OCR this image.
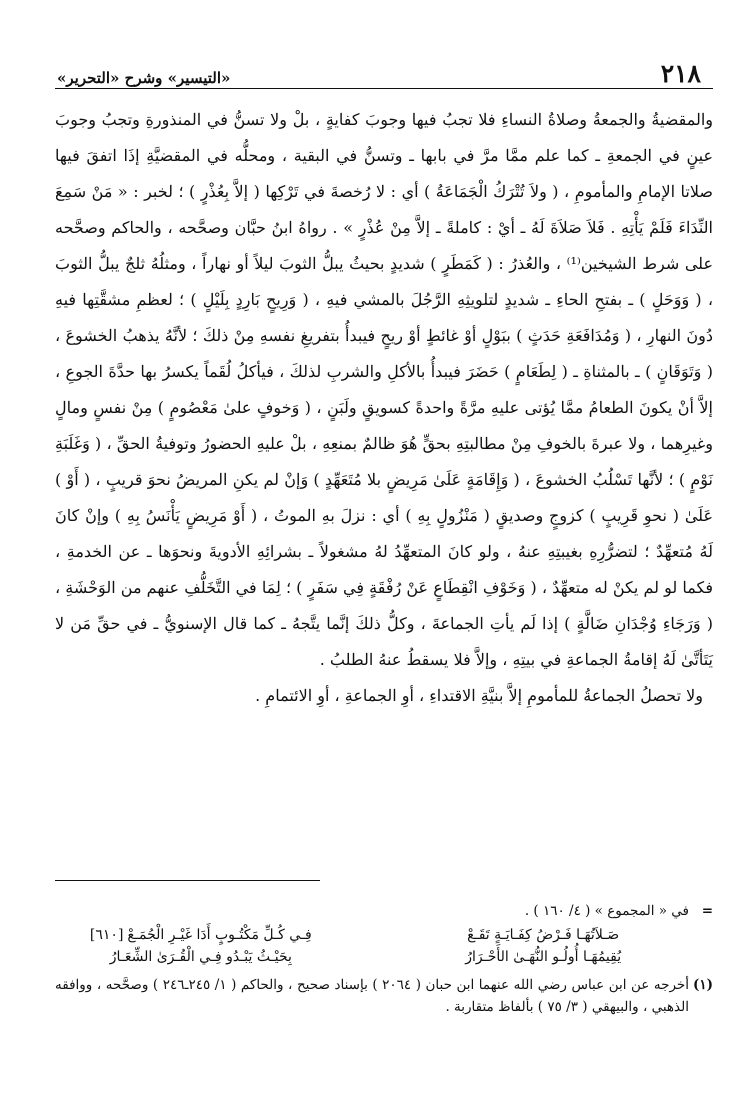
٢١٨
«التيسير» وشرح «التحرير»

والمقضيةُ والجمعةُ وصلاةُ النساءِ فلا تجبُ فيها وجوبَ كفايةٍ ، بلْ ولا تسنُّ في المنذورةِ وتجبُ وجوبَ عينٍ في الجمعةِ ـ كما علم ممَّا مرَّ في بابها ـ وتسنُّ في البقية ، ومحلُّه في المقضيَّةِ إذَا اتفقَ فيها صلاتا الإمامِ والمأمومِ ، ( ولاَ تُتْرَكُ الْجَمَاعَةُ ) أي : لا رُخصةَ في تَرْكِها ( إلاَّ بِعُذْرٍ ) ؛ لخبر : « مَنْ سَمِعَ النِّدَاءَ فَلَمْ يَأْتِهِ . فَلاَ صَلاَةَ لَهُ ـ أيْ : كاملةً ـ إلاَّ مِنْ عُذْرٍ » . رواهُ ابنُ حبَّان وصحَّحه ، والحاكم وصحَّحه على شرط الشيخين⁽¹⁾ ، والعُذرُ : ( كَمَطَرٍ ) شديدٍ بحيثُ يبلُّ الثوبَ ليلاً أو نهاراً ، ومثلُهُ ثلجٌ يبلُّ الثوبَ ، ( وَوَحَلٍ ) ـ بفتحِ الحاءِ ـ شديدٍ لتلويثِهِ الرَّجُلَ بالمشي فيهِ ، ( وَرِيحٍ بَارِدٍ بِلَيْلٍ ) ؛ لعظمِ مشقَّتِها فيهِ دُونَ النهارِ ، ( وَمُدَافَعَةِ حَدَثٍ ) ببَوْلٍ أوْ غائطٍ أوْ ريحٍ فيبدأُ بتفريغِ نفسهِ مِنْ ذلكَ ؛ لأنَّهُ يذهبُ الخشوعَ ، ( وَتَوَقَانٍ ) ـ بالمثناةِ ـ ( لِطَعَامٍ ) حَضَرَ فيبدأُ بالأكلِ والشربِ لذلكَ ، فيأكلُ لُقَماً يكسرُ بها حدَّةَ الجوعِ ، إلاَّ أنْ يكونَ الطعامُ ممَّا يُؤتى عليهِ مرَّةً واحدةً كسويقٍ ولَبَنٍ ، ( وَخوفٍ علىٰ مَعْصُومٍ ) مِنْ نفسٍ ومالٍ وغيرِهما ، ولا عبرةَ بالخوفِ مِنْ مطالبتِهِ بحقٍّ هُوَ ظالمٌ بمنعِهِ ، بلْ عليهِ الحضورُ وتوفيةُ الحقِّ ، ( وَغَلَبَةِ نَوْمٍ ) ؛ لأنَّها تَسْلُبُ الخشوعَ ، ( وَإِقَامَةٍ عَلَىٰ مَرِيضٍ بلا مُتَعَهِّدٍ ) وَإنْ لم يكنِ المريضُ نحوَ قريبٍ ، ( أَوْ ) عَلَىٰ ( نحوِ قَرِيبٍ ) كزوجٍ وصديقٍ ( مَنْزُولٍ بِهِ ) أي : نزلَ بهِ الموتُ ، ( أَوْ مَرِيضٍ يَأْنَسُ بِهِ ) وإنْ كانَ لَهُ مُتعهِّدٌ ؛ لتضرُّرِهِ بغيبتِهِ عنهُ ، ولو كانَ المتعهِّدُ لهُ مشغولاً ـ بشرائِهِ الأدويةَ ونحوَها ـ عن الخدمةِ ، فكما لو لم يكنْ له متعهِّدٌ ، ( وَخَوْفِ انْقِطَاعٍ عَنْ رُفْقَةٍ فِي سَفَرٍ ) ؛ لِمَا في التَّخَلُّفِ عنهم من الوَحْشَةِ ، ( وَرَجَاءِ وُجْدَانِ ضَالَّةٍ ) إذا لَم يأتِ الجماعةَ ، وكلُّ ذلكَ إنَّما يتَّجهُ ـ كما قال الإسنويُّ ـ في حقِّ مَن لا يَتَأتَّىٰ لَهُ إقامةُ الجماعةِ في بيتِهِ ، وإلاَّ فلا يسقطُ عنهُ الطلبُ .

ولا تحصلُ الجماعةُ للمأمومِ إلاَّ بنيَّةِ الاقتداءِ ، أوِ الجماعةِ ، أوِ الائتمامِ .

=
في « المجموع » ( ٤/ ١٦٠ ) .
صَـلاَتُهَـا فَـرْضُ كِفَـايَـةٍ تَقَـعْ
فِـي كُـلِّ مَكْتُـوبٍ أَدَا غَيْـرِ الْجُمَـعْ[٦١٠]
يُقِيمُهَـا أُولُـو النُّهَـىٰ الأَحْـرَارُ
بِحَيْـثُ يَبْـدُو فِـي الْقُـرَىٰ الشِّعَـارُ
(١)
أخرجه عن ابن عباس رضي الله عنهما ابن حبان ( ٢٠٦٤ ) بإسناد صحيح ، والحاكم ( ١/ ٢٤٥ـ٢٤٦ ) وصحَّحه ، ووافقه الذهبي ، والبيهقي ( ٣/ ٧٥ ) بألفاظ متقاربة .
